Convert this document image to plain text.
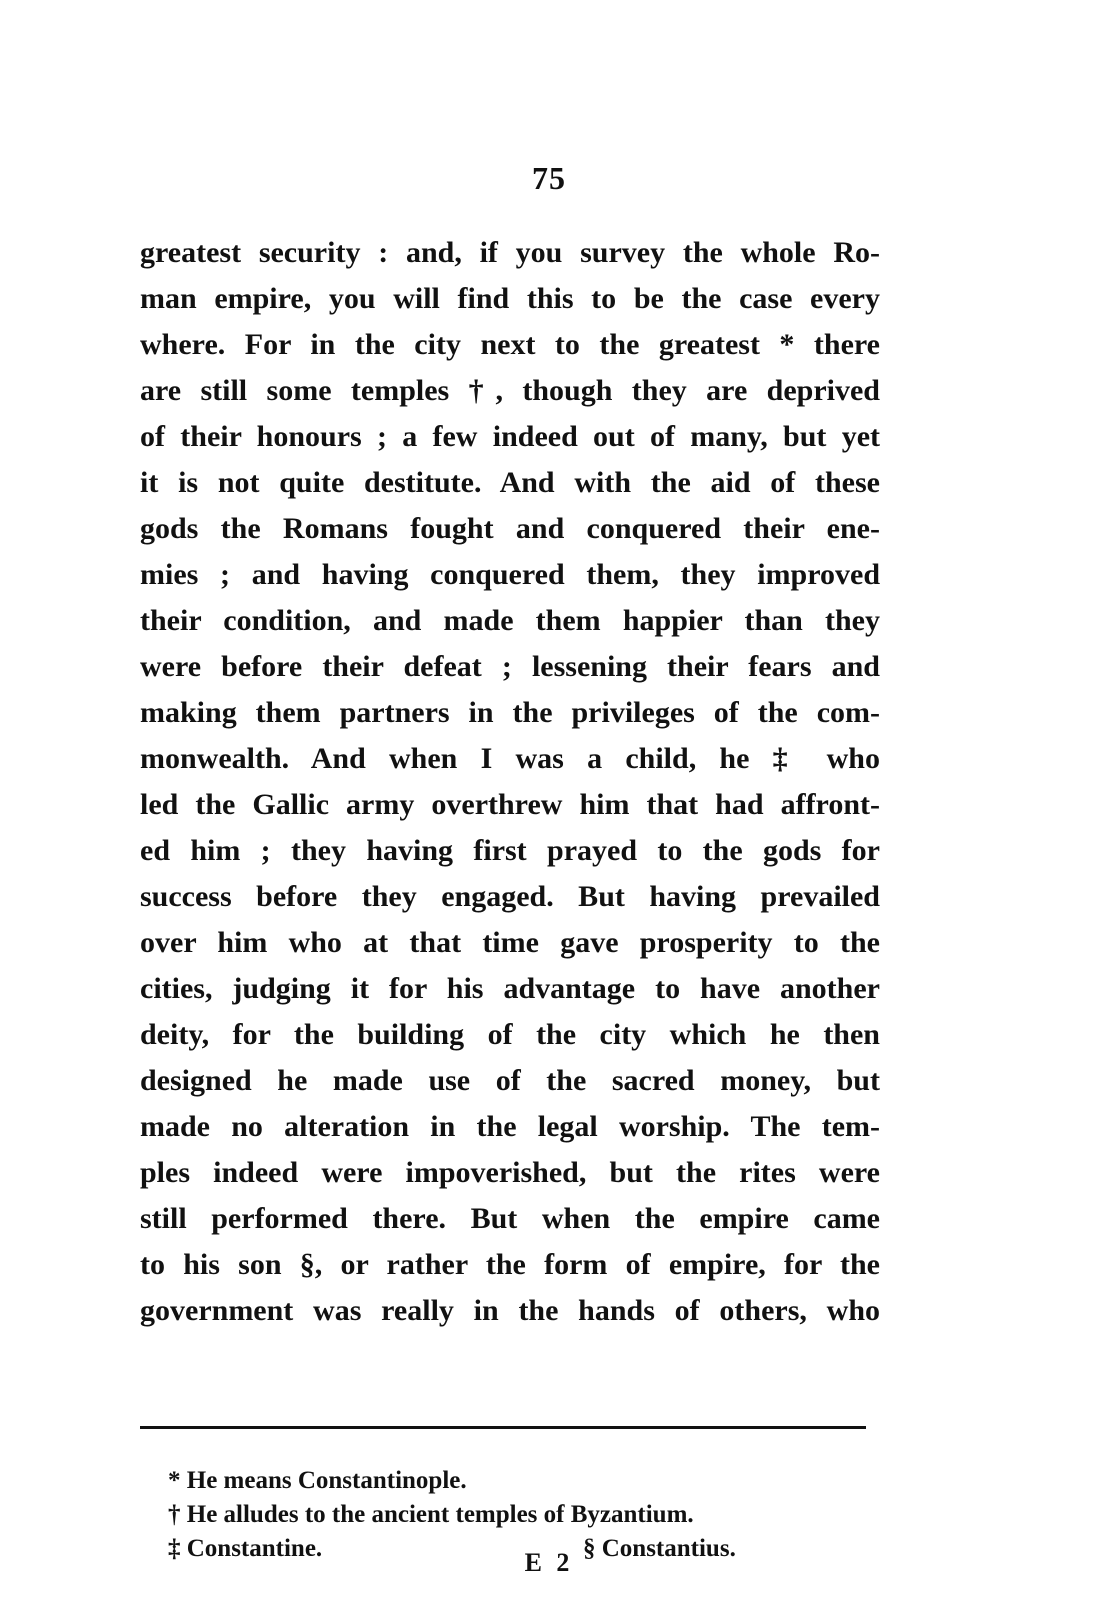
75
greatest security : and, if you survey the whole Ro-
man empire, you will find this to be the case every
where. For in the city next to the greatest * there
are still some temples †, though they are deprived
of their honours ; a few indeed out of many, but yet
it is not quite destitute. And with the aid of these
gods the Romans fought and conquered their ene-
mies ; and having conquered them, they improved
their condition, and made them happier than they
were before their defeat ; lessening their fears and
making them partners in the privileges of the com-
monwealth. And when I was a child, he ‡ who
led the Gallic army overthrew him that had affront-
ed him ; they having first prayed to the gods for
success before they engaged. But having prevailed
over him who at that time gave prosperity to the
cities, judging it for his advantage to have another
deity, for the building of the city which he then
designed he made use of the sacred money, but
made no alteration in the legal worship. The tem-
ples indeed were impoverished, but the rites were
still performed there. But when the empire came
to his son §, or rather the form of empire, for the
government was really in the hands of others, who
* He means Constantinople.
† He alludes to the ancient temples of Byzantium.
‡ Constantine.	§ Constantius.
E 2
